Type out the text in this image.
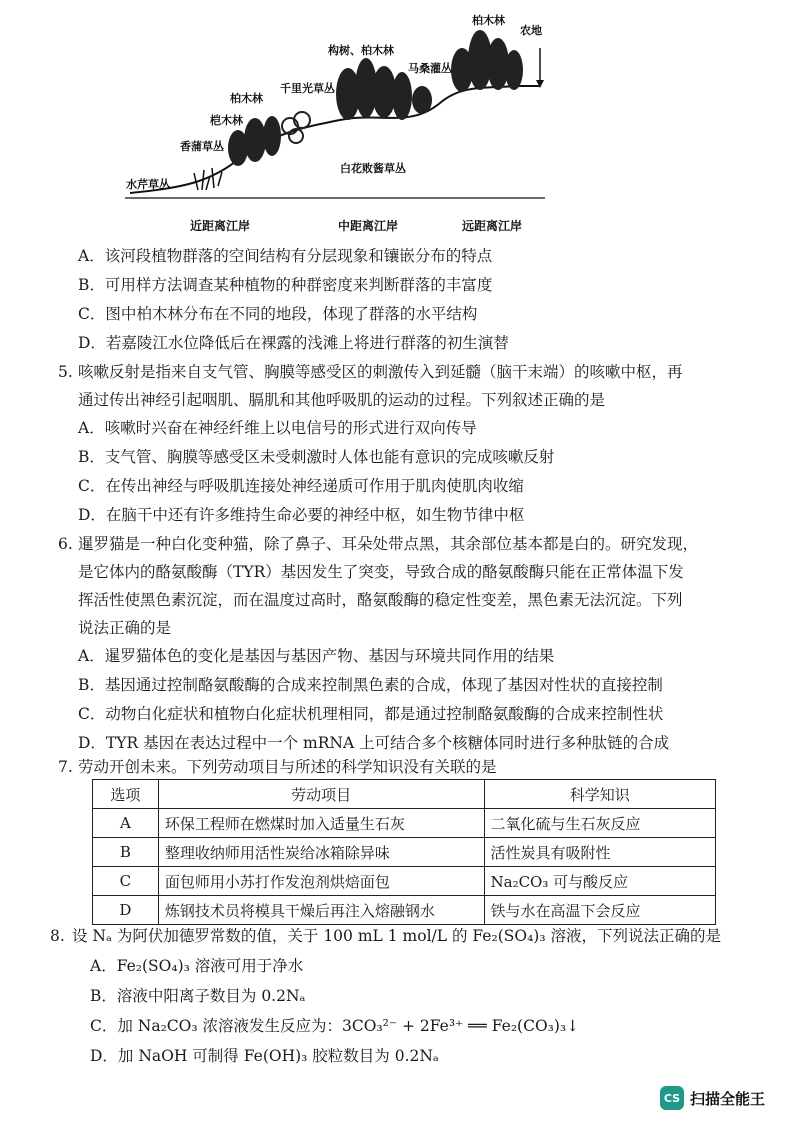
柏木林
农地
构树、柏木林
马桑灌丛
千里光草丛
柏木林
桤木林
香蒲草丛
水芹草丛
白花败酱草丛
近距离江岸	中距离江岸	远距离江岸
A．该河段植物群落的空间结构有分层现象和镶嵌分布的特点
B．可用样方法调查某种植物的种群密度来判断群落的丰富度
C．图中柏木林分布在不同的地段，体现了群落的水平结构
D．若嘉陵江水位降低后在裸露的浅滩上将进行群落的初生演替
5. 咳嗽反射是指来自支气管、胸膜等感受区的刺激传入到延髓（脑干末端）的咳嗽中枢，再
通过传出神经引起咽肌、膈肌和其他呼吸肌的运动的过程。下列叙述正确的是
A．咳嗽时兴奋在神经纤维上以电信号的形式进行双向传导
B．支气管、胸膜等感受区未受刺激时人体也能有意识的完成咳嗽反射
C．在传出神经与呼吸肌连接处神经递质可作用于肌肉使肌肉收缩
D．在脑干中还有许多维持生命必要的神经中枢，如生物节律中枢
6. 暹罗猫是一种白化变种猫，除了鼻子、耳朵处带点黑，其余部位基本都是白的。研究发现，
是它体内的酪氨酸酶（TYR）基因发生了突变，导致合成的酪氨酸酶只能在正常体温下发
挥活性使黑色素沉淀，而在温度过高时，酪氨酸酶的稳定性变差，黑色素无法沉淀。下列
说法正确的是
A．暹罗猫体色的变化是基因与基因产物、基因与环境共同作用的结果
B．基因通过控制酪氨酸酶的合成来控制黑色素的合成，体现了基因对性状的直接控制
C．动物白化症状和植物白化症状机理相同，都是通过控制酪氨酸酶的合成来控制性状
D．TYR 基因在表达过程中一个 mRNA 上可结合多个核糖体同时进行多种肽链的合成
7. 劳动开创未来。下列劳动项目与所述的科学知识没有关联的是
选项	劳动项目	科学知识
A	环保工程师在燃煤时加入适量生石灰	二氧化硫与生石灰反应
B	整理收纳师用活性炭给冰箱除异味	活性炭具有吸附性
C	面包师用小苏打作发泡剂烘焙面包	Na₂CO₃ 可与酸反应
D	炼钢技术员将模具干燥后再注入熔融钢水	铁与水在高温下会反应
8. 设 Nₐ 为阿伏加德罗常数的值，关于 100 mL 1 mol/L 的 Fe₂(SO₄)₃ 溶液，下列说法正确的是
A．Fe₂(SO₄)₃ 溶液可用于净水
B．溶液中阳离子数目为 0.2Nₐ
C．加 Na₂CO₃ 浓溶液发生反应为：3CO₃²⁻ + 2Fe³⁺ ══ Fe₂(CO₃)₃↓
D．加 NaOH 可制得 Fe(OH)₃ 胶粒数目为 0.2Nₐ
CS 扫描全能王
